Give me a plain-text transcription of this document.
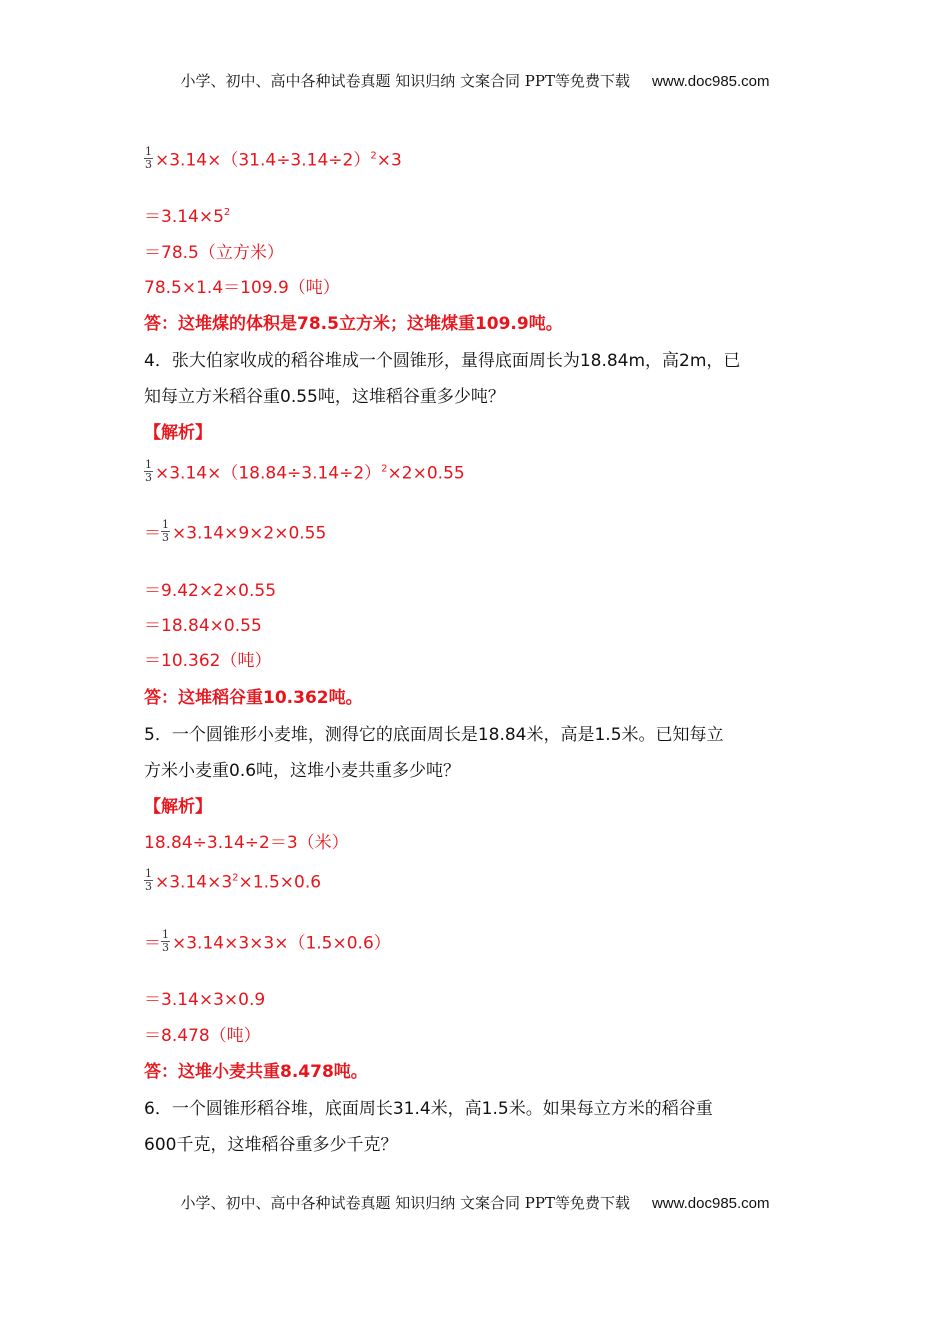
小学、初中、高中各种试卷真题 知识归纳 文案合同 PPT等免费下载 www.doc985.com
$\frac{1}{3} \times 3.14\times(31.4\div 3.14\div 2)^2\times 3$
$=3.14\times 5^2$
＝78.5（立方米）
78.5×1.4＝109.9（吨）
答：这堆煤的体积是78.5立方米；这堆煤重109.9吨。
4．张大伯家收成的稻谷堆成一个圆锥形，量得底面周长为18.84m，高2m，已
知每立方米稻谷重0.55吨，这堆稻谷重多少吨？
【解析】
$\frac{1}{3} \times 3.14\times(18.84\div 3.14\div 2)^2\times 2\times 0.55$
＝ $\frac{1}{3} \times 3.14\times 9\times 2\times 0.55$
＝9.42×2×0.55
＝18.84×0.55
＝10.362（吨）
答：这堆稻谷重10.362吨。
5．一个圆锥形小麦堆，测得它的底面周长是18.84米，高是1.5米。已知每立
方米小麦重0.6吨，这堆小麦共重多少吨？
【解析】
18.84÷3.14÷2＝3（米）
$\frac{1}{3} \times 3.14\times 3^2\times 1.5\times 0.6$
＝ $\frac{1}{3} \times 3.14\times 3\times 3\times(1.5\times 0.6)$
＝3.14×3×0.9
＝8.478（吨）
答：这堆小麦共重8.478吨。
6．一个圆锥形稻谷堆，底面周长31.4米，高1.5米。如果每立方米的稻谷重
600千克，这堆稻谷重多少千克？
小学、初中、高中各种试卷真题 知识归纳 文案合同 PPT等免费下载 www.doc985.com
